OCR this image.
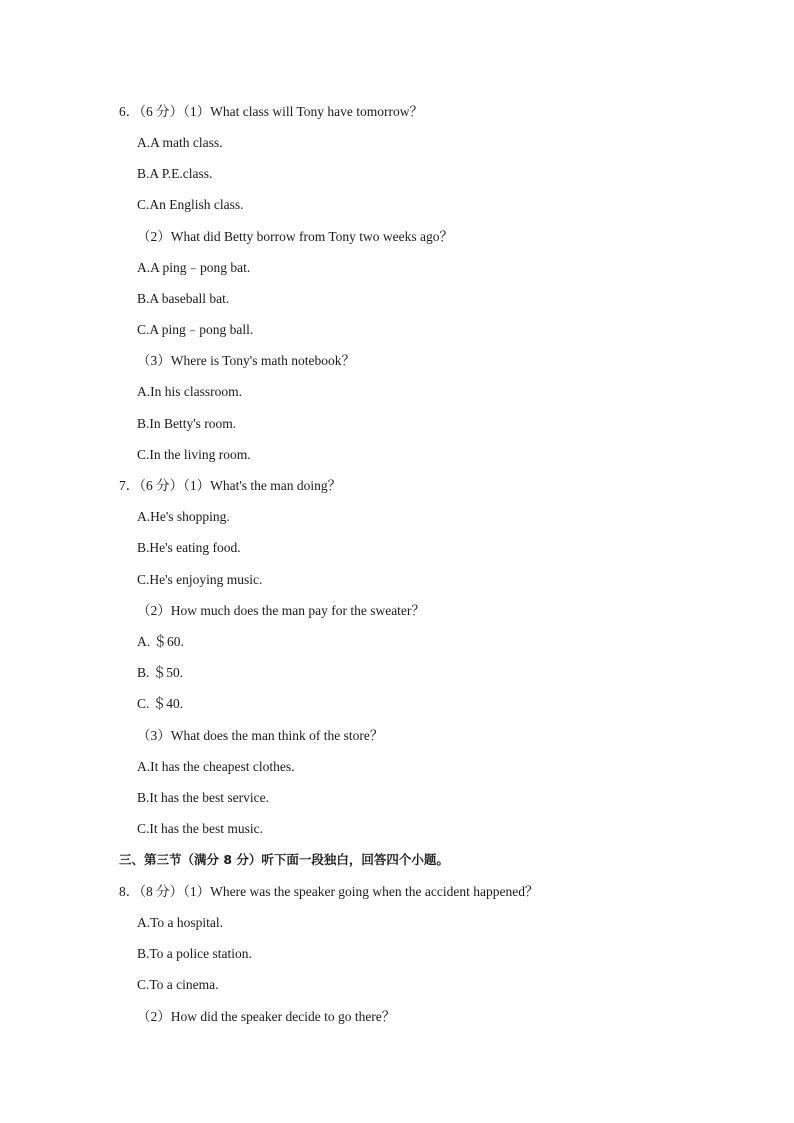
6．（6 分）（1）What class will Tony have tomorrow？
A.A math class.
B.A P.E.class.
C.An English class.
（2）What did Betty borrow from Tony two weeks ago？
A.A ping﹣pong bat.
B.A baseball bat.
C.A ping﹣pong ball.
（3）Where is Tony's math notebook？
A.In his classroom.
B.In Betty's room.
C.In the living room.
7．（6 分）（1）What's the man doing？
A.He's shopping.
B.He's eating food.
C.He's enjoying music.
（2）How much does the man pay for the sweater？
A. ＄60.
B. ＄50.
C. ＄40.
（3）What does the man think of the store？
A.It has the cheapest clothes.
B.It has the best service.
C.It has the best music.
三、第三节（满分 8 分）听下面一段独白，回答四个小题。
8．（8 分）（1）Where was the speaker going when the accident happened？
A.To a hospital.
B.To a police station.
C.To a cinema.
（2）How did the speaker decide to go there？
